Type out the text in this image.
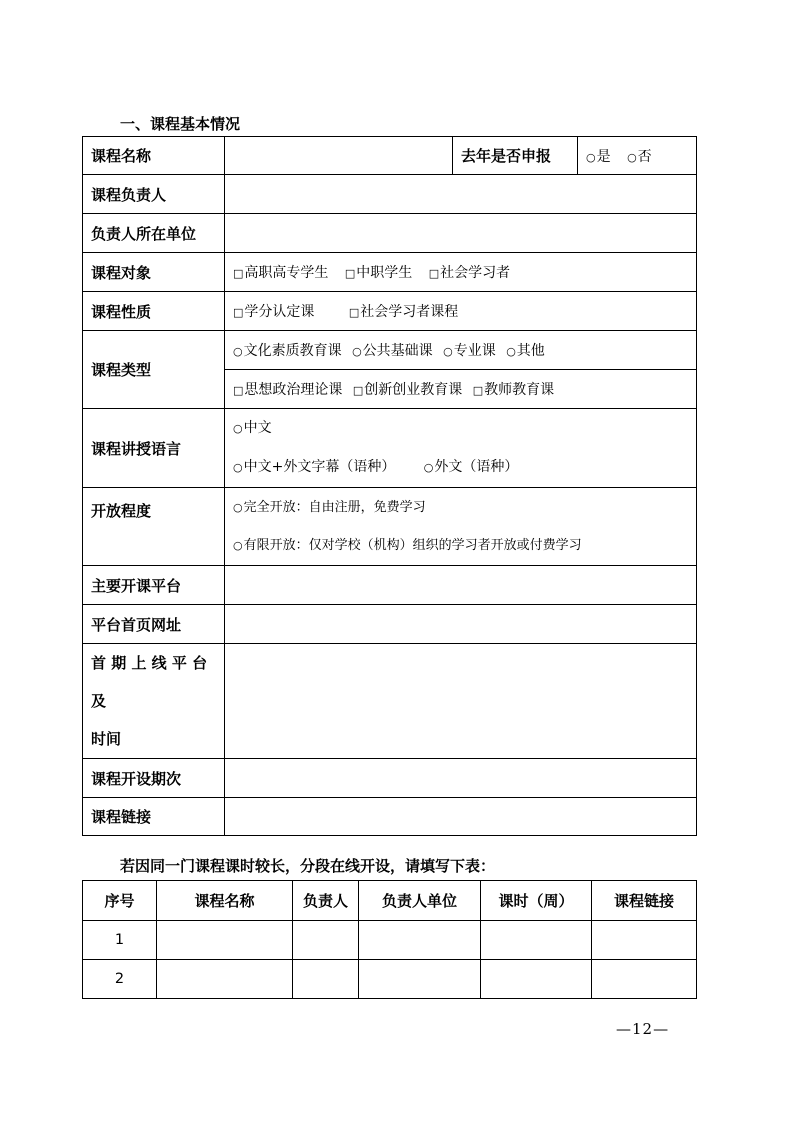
一、课程基本情况
课程名称		去年是否申报	○是 ○否
课程负责人			
负责人所在单位			
课程对象	□高职高专学生 □中职学生 □社会学习者		
课程性质	□学分认定课 □社会学习者课程		
课程类型	○文化素质教育课 ○公共基础课 ○专业课 ○其他		
	□思想政治理论课 □创新创业教育课 □教师教育课		
课程讲授语言	○中文
○中文+外文字幕（语种） ○外文（语种）		

开放程度	○完全开放：自由注册，免费学习
○有限开放：仅对学校（机构）组织的学习者开放或付费学习		

主要开课平台			
平台首页网址			

首 期 上 线 平 台 及
时间			

课程开设期次			
课程链接			
若因同一门课程课时较长，分段在线开设，请填写下表：
序号	课程名称	负责人	负责人单位	课时（周）	课程链接
1					
2					
—12—
